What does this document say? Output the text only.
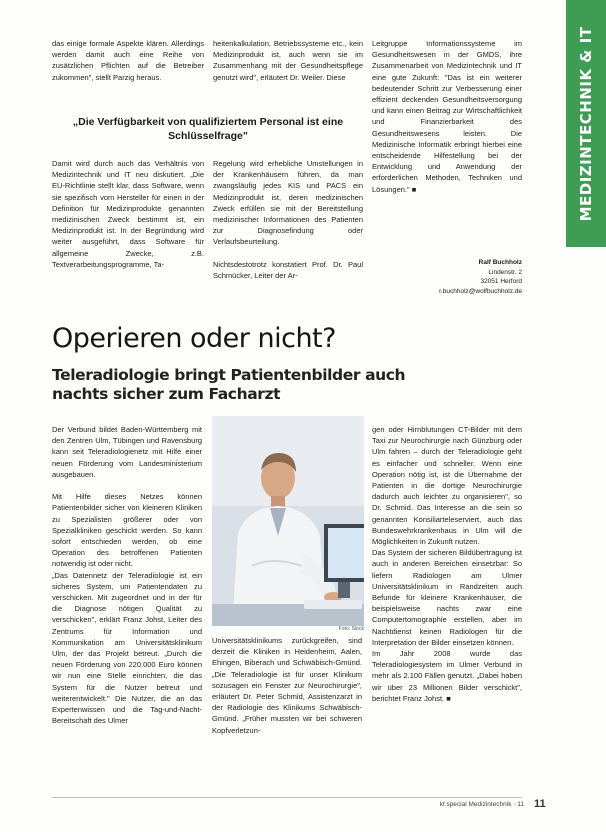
MEDIZINTECHNIK & IT

das einige formale Aspekte klären. Allerdings werden damit auch eine Reihe von zusätzlichen Pflichten auf die Betreiber zukommen", stellt Parzig heraus.

heitenkalkulation, Betriebssysteme etc., kein Medizinprodukt ist, auch wenn sie im Zusammenhang mit der Gesundheitspflege genutzt wird", erläutert Dr. Weiler. Diese

Leitgruppe Informationssysteme im Gesundheitswesen in der GMDS, ihre Zusammenarbeit von Medizintechnik und IT eine gute Zukunft: "Das ist ein weiterer bedeutender Schritt zur Verbesserung einer effizient deckenden Gesundheitsversorgung und kann einen Beitrag zur Wirtschaftlichkeit und Finanzierbarkeit des Gesundheitswesens leisten. Die Medizinische Informatik erbringt hierbei eine entscheidende Hilfestellung bei der Entwicklung und Anwendung der erforderlichen Methoden, Techniken und Lösungen." ■

„Die Verfügbarkeit von qualifiziertem Personal ist eine Schlüsselfrage"

Damit wird durch auch das Verhältnis von Medizintechnik und IT neu diskutiert. „Die EU-Richtlinie stellt klar, dass Software, wenn sie spezifisch vom Hersteller für einen in der Definition für Medizinprodukte genannten medizinischen Zweck bestimmt ist, ein Medizinprodukt ist. In der Begründung wird weiter ausgeführt, dass Software für allgemeine Zwecke, z.B. Textverarbeitungsprogramme, Ta-

Regelung wird erhebliche Umstellungen in der Krankenhäusern führen, da man zwangsläufig jedes KIS und PACS ein Medizinprodukt ist, deren medizinischen Zweck erfüllen sie mit der Bereitstellung medizinischer Informationen des Patienten zur Diagnosefindung oder Verlaufsbeurteilung.

Nichtsdestotrotz konstatiert Prof. Dr. Paul Schmücker, Leiter der Ar-

Ralf Buchholz
Lindenstr. 2
32051 Herford
r.buchholz@wolfbuchholz.de
Operieren oder nicht?
Teleradiologie bringt Patientenbilder auch nachts sicher zum Facharzt

Der Verbund bildet Baden-Württemberg mit den Zentren Ulm, Tübingen und Ravensburg kann seit Teleradiologienetz mit Hilfe einer neuen Förderung vom Landesministerium ausgebauen.

Mit Hilfe dieses Netzes können Patientenbilder sicher von kleineren Kliniken zu Spezialisten größerer oder von Spezialkliniken geschickt werden. So kann sofort entschieden werden, ob eine Operation des betroffenen Patienten notwendig ist oder nicht.
„Das Datennetz der Teleradiologie ist ein sicheres System, um Patientendaten zu verschicken. Mit zugeordnet und in der für die Diagnose nötigen Qualität zu verschicken", erklärt Franz Johst, Leiter des Zentrums für Information und Kommunikation am Universitätsklinikum Ulm, der das Projekt betreut. „Durch die neuen Förderung von 220.000 Euro können wir nun eine Stelle einrichten, die das System für die Nutzer betreut und weiterentwickelt." Die Nutzer, die an das Expertenwissen und die Tag-und-Nacht-Bereitschaft des Ulmer

Foto: Stock

Universitätsklinikums zurückgreifen, sind derzeit die Kliniken in Heidenheim, Aalen, Ehingen, Biberach und Schwäbisch-Gmünd. „Die Teleradiologie ist für unser Klinikum sozusagen ein Fenster zur Neurochirurgie", erläutert Dr. Peter Schmid, Assistenzarzt in der Radiologie des Klinikums Schwäbisch-Gmünd. „Früher mussten wir bei schweren Kopfverletzun-

gen oder Hirnblutungen CT-Bilder mit dem Taxi zur Neurochirurgie nach Günzburg oder Ulm fahren – durch der Teleradiologie geht es einfacher und schneller. Wenn eine Operation nötig ist, ist die Übernahme der Patienten in die dortige Neurochirurgie dadurch auch leichter zu organisieren", so Dr. Schmid. Das Interesse an die sein so genannten Konsiliarteleserviert, auch das Bundeswehrkrankenhaus in Ulm will die Möglichkeiten in Zukunft nutzen.
Das System der sicheren Bildübertragung ist auch in anderen Bereichen einsetzbar: So liefern Radiologen am Ulmer Universitätsklinikum in Randzeiten auch Befunde für kleinere Krankenhäuser, die beispielsweise nachts zwar eine Computertomographie erstellen, aber im Nachtdienst keinen Radiologen für die Interpretation der Bilder einsetzen können.
Im Jahr 2008 wurde das Teleradiologiesystem im Ulmer Verbund in mehr als 2.100 Fällen genutzt. „Dabei haben wir über 23 Millionen Bilder verschickt", berichtet Franz Johst. ■

kt special Medizintechnik · 11 11
